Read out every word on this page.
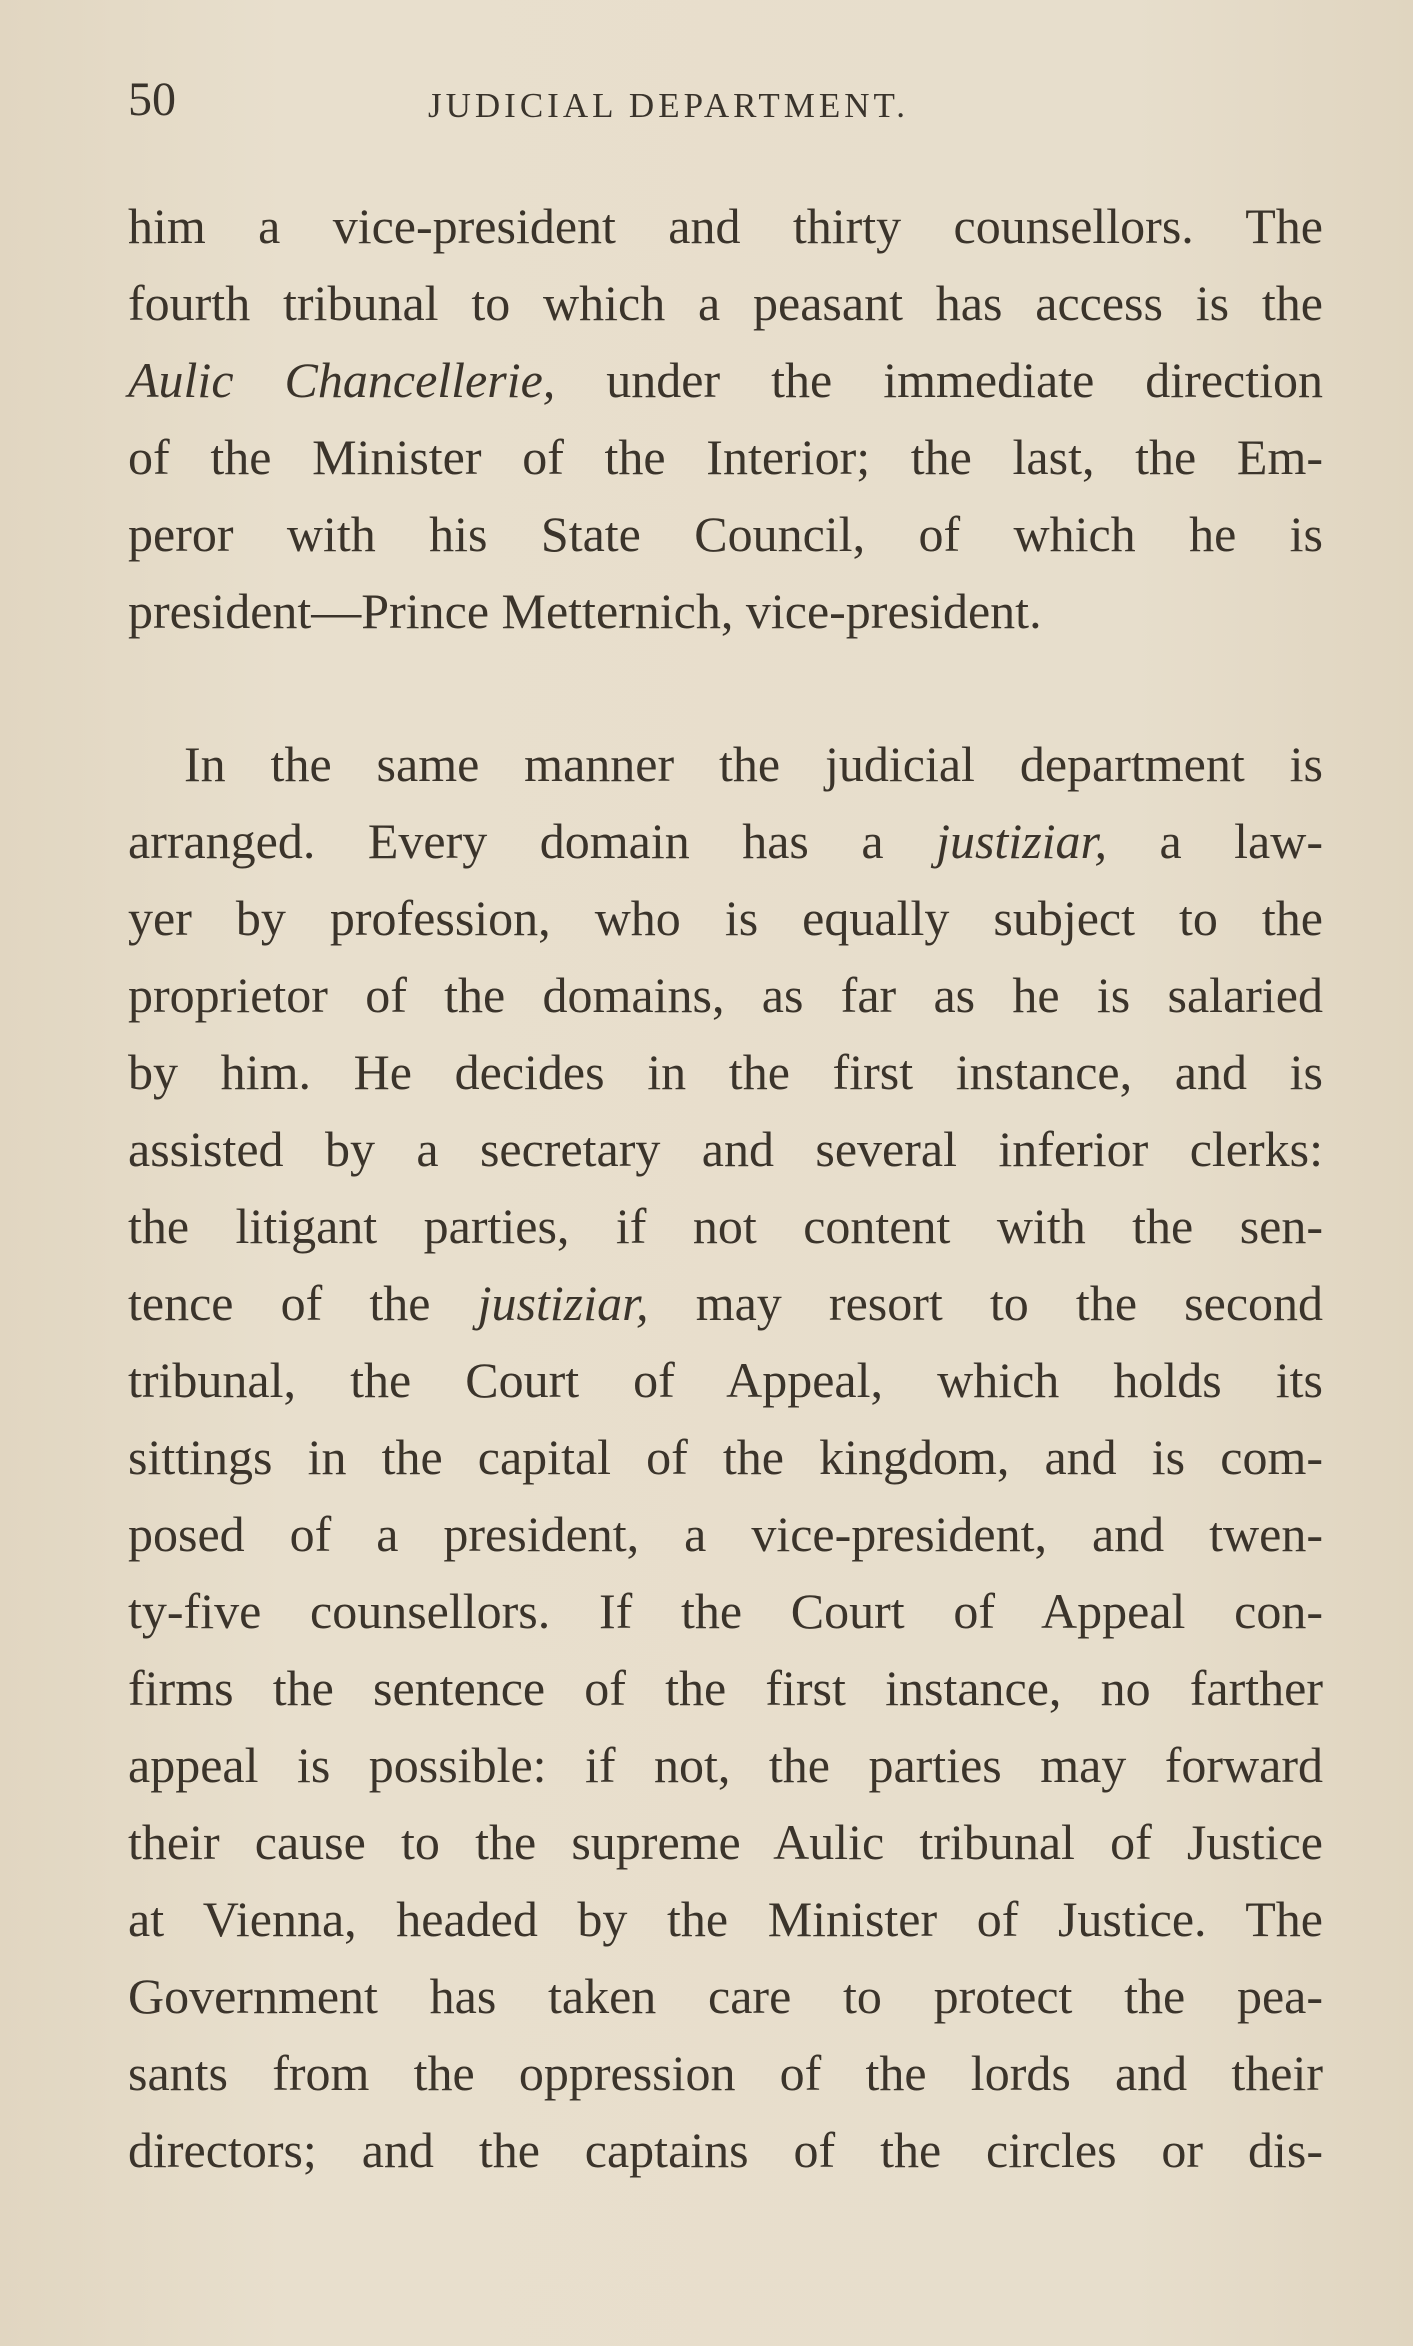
50	JUDICIAL DEPARTMENT.
him a vice-president and thirty counsellors. The
fourth tribunal to which a peasant has access is the
Aulic Chancellerie, under the immediate direction
of the Minister of the Interior; the last, the Em-
peror with his State Council, of which he is
president—Prince Metternich, vice-president.
In the same manner the judicial department is
arranged. Every domain has a justiziar, a law-
yer by profession, who is equally subject to the
proprietor of the domains, as far as he is salaried
by him. He decides in the first instance, and is
assisted by a secretary and several inferior clerks:
the litigant parties, if not content with the sen-
tence of the justiziar, may resort to the second
tribunal, the Court of Appeal, which holds its
sittings in the capital of the kingdom, and is com-
posed of a president, a vice-president, and twen-
ty-five counsellors. If the Court of Appeal con-
firms the sentence of the first instance, no farther
appeal is possible: if not, the parties may forward
their cause to the supreme Aulic tribunal of Justice
at Vienna, headed by the Minister of Justice. The
Government has taken care to protect the pea-
sants from the oppression of the lords and their
directors; and the captains of the circles or dis-
